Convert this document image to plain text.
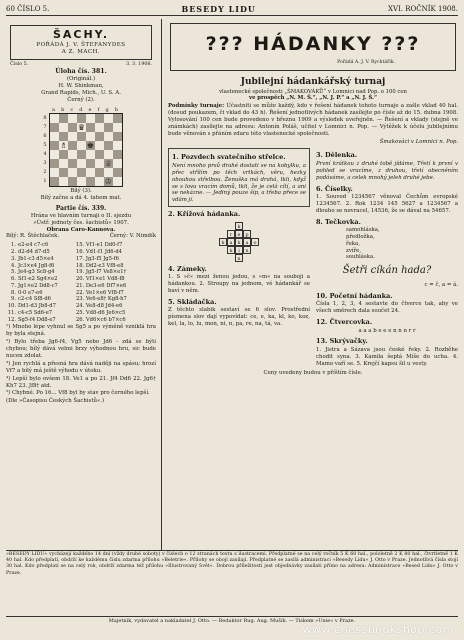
60 ČÍSLO 5.	BESEDY LIDU	XVI. ROČNÍK 1908.
ŠACHY.
POŘÁDÁ J. V. ŠTEFANYDES
A Z. MACH.
Číslo 5.	3. 3. 1908.
Úloha čís. 381.
(Originál.)
H. W. Shinkman,
Grand Rapids, Mich., U. S. A.
Černý (2).
a b c d e f g h
8
7
6
5
4
3
2
1
♛
♗ ♚
♕
♔
Bílý (3).
Bílý začne a dá 4. tahem mat.
Partie čís. 339.
Hrána ve hlavním turnaji o II. sjezdu
»Ústř. jednoty čes. šachistů« 1907.
Obrana Caro-Kannova.
Bílý: R. Štěchlaček.	Černý: V. Nimdík
1. e2-e4 c7-c6	15. Vf1-e1 Dd0-f7
2. d2-d4 d7-d5	16. Vd1-f1 Jd6-d4
3. Jb1-c3 d5×e4	17. Jg3-f5 Jg5-f6
4. Jc3×e4 Jg8-f6	18. Dd2-e3 Vf8-e8
5. Je4-g3 Sc8-g4	19. Jg5-f7 Ve8×e1†
6. Sf1-e2 Sg4×e2	20. Vf1×e1 Vd8-f8
7. Jg1×e2 Dd8-c7	21. De3-e6 Df7×e6
8. 0-0 e7-e6	22. Ve1×e6 Vf8-f7
9. c2-c4 Sf8-d6	23. Ve6-e8† Kg8-h7
10. Dd1-d3 Jb8-d7	24. Ve8-d8 Jd4-e6
11. c4-c5 Sd6-e7	25. Vd8-d6 Je6×c5
12. Sg5-f4 Dd8-e7	26. Vd6×c6 b7×c6

¹) Mnoho lépe vyhnul se Sg5 a po výměně vzniklá hra by byla stejná.

²) Bylo třeba Jg6-f4, Vg5 nebo Jd6 - zdá se býti chybou; bílý dává velmi brzy výhodnou hru, sic bude nucen zdolat.

³) Jen rychlá a přesná hra dává naději na spásu; hrozí Vf7 a bílý má ještě výhodu v útoku.

⁴) Lepší bylo ovšem 18. Ve1 a po 21. Jf4 Dd6 22. Jg6† Kh7 23. Jf8† atd.

⁵) Chybné. Po 16... Vf8 byl by stav pro černého lepší.

(Dle »Časopisu Českých Šachistů«.)

??? HÁDANKY ???
Pořádá A. J. V. Rychtářík.
Jubilejní hádankářský turnaj
vlastenecké společnosti „ŠMAKOVÁKŮ“ v Lomnici nad Pop. o 100 cen
ve prospěch „N. M. Š.“, „N. J. P.“ a „N. J. Š.“

Podmínky turnaje: Účastniti se může každý, kdo v řešení hádanek tohoto turnaje a zašle vklad 40 hal. (dosud poukazem, či vklad do 43 h). Řešení jednotlivých hádanek zasílejte po čísle až do 15. dubna 1908. Vylosování 100 cen bude provedeno v březnu 1909 a výsledek uveřejněn. — Řešení a vklady (stejně ve známkách) zasílejte na adresu: Antonín Poláš, učitel v Lomnici n. Pop. — Výtěžek k účelu jubilejnímu bude věnován s přáním zdaru této vlastenecké společnosti.

Šmakováci v Lomnici n. Pop.
1. Pozvdech svatečního střelce.

Není mnoho prsů drahé dostati se na kobylku, a přec střílím po těch vrtkách, věru, hezky obouhou střelbou. Ženuška má drahá, tkli, když se s lovu vracím domů, tkli, že je celá cítí, a ani se nekázne. — Jediný pouze šíp, a třeba přece se vdám jí.

2. Křížová hádanka.
k
r	e p
k a	k a	o
k	i	n
n
4. Zámeky.

1. S »č« mezi ženou jedou, s »m« na souboji a hádankou. 2. Stroupy na jednom, vé hádankář se baví v něm.

5. Skládačka.

Z těchto slabik sestaví se 6 slov. Prostřední písmena slov dají vypovídat: ce, e, ka, kl, ko, koz, kel, la, lo, lu, mon, ni, n, pa, re, na, tá, va.

3. Dělenka.

První krátkou z druhé tobě jídáme, Třetí k první v pohled se vracíme, z druhou, třetí obecněním podáváme, a celek mnohý jeleh druhé jebe.

6. Číselky.

1. Souvod 1234567 věnoval Čechům evropské 1234567. 2. Rok 1234 145 5627 a 1234567 a dlouho se nevracel, 14536, že se dával na 54657.

8. Tečkovka.
samohláska,
předložka,
řeka,
zvíře,
souhláska.
Šetři cíkán hada?
c = č, a = á.
10. Početní hádanka.

Čísla 1, 2, 3, 4 sestavte do čtverce tak, aby ve všech směrech dala součet 24.

12. Čtvercovka.
a a a b e e e n n n r r
13. Skrývačky.

1. Jistra a Sázava jsou české řeky. 2. Rozběhe chodit syna. 3. Kamila šeptá Míše do ucha. 4. Mamo vaří se. 5. Krejčí kapsu šil u vesty.

Ceny uvedeny budou v příštím čísle.
»BESEDY LIDU« vycházejí každého 14 dní (vždy druhé soboty) v číslech o 12 stranách textu s ilustracemi. Předplatné se na celý ročník 5 K 60 hal., pololetně 2 K 80 hal., čtvrtletně 1 K 40 hal. Kdo předplatí, obdrží ke každému číslu zdarma přílohu »Beletrie«. Přílohy se obojí zasílají. Předplatné se zasílá administraci »Besedy Lidu« J. Otto v Praze. Jednotlivá čísla stojí 30 hal. Kdo předplatí se na celý rok, obdrží zdarma též přílohu »Illustrovaný Svět«. Dobrou příležitostí jest objednávky zasílati přímo na adresu: Administrace »Besed Lidu« J. Otto v Praze.
Majetník, vydavatel a nakladatel J. Otto. — Redaktor Rug. Aug. Mušík. — Tiskem »Unie« v Praze.
www.chessbookshop.com
